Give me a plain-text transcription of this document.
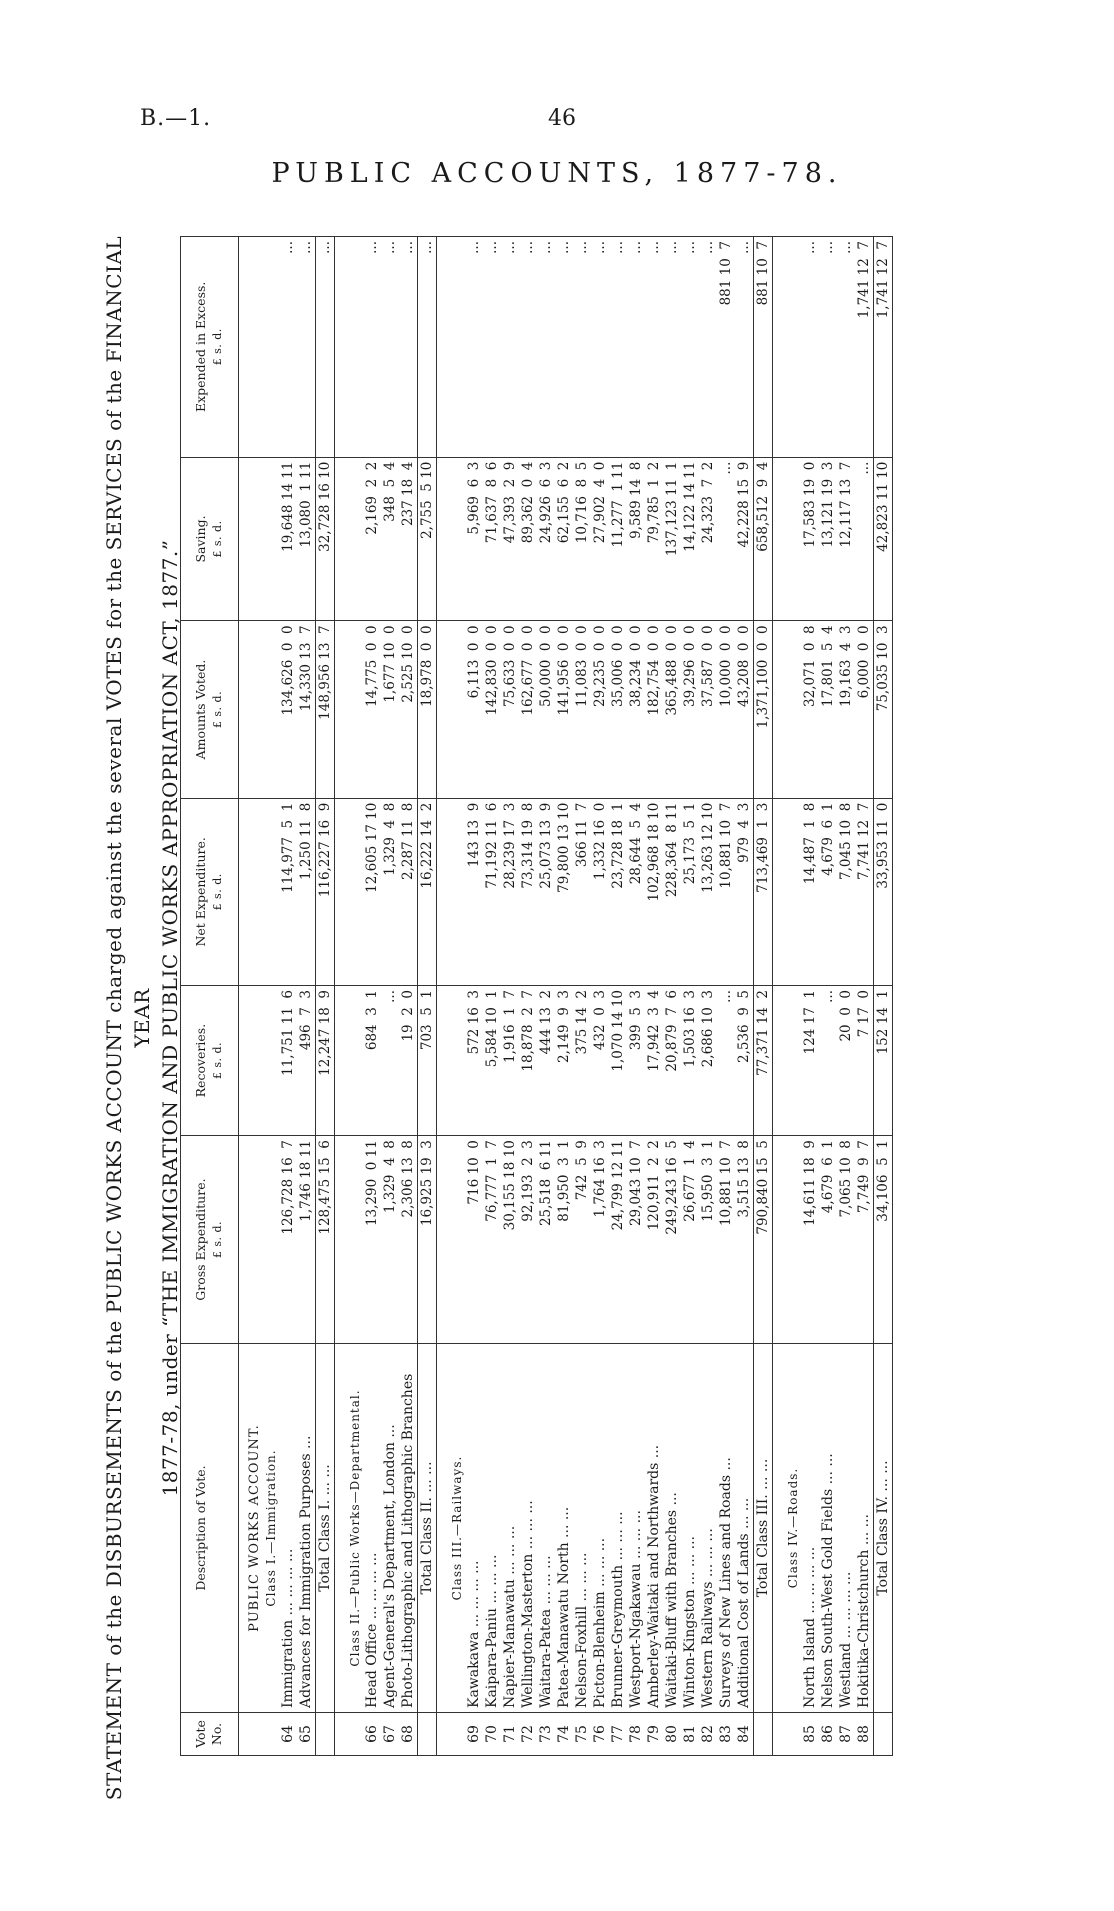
B.—1.	46
PUBLIC ACCOUNTS, 1877-78.
STATEMENT of the DISBURSEMENTS of the PUBLIC WORKS ACCOUNT charged against the several VOTES for the SERVICES of the FINANCIAL YEAR 1877-78, under “THE IMMIGRATION AND PUBLIC WORKS APPROPRIATION ACT, 1877.”
Vote No.	Description of Vote.	Gross Expenditure. £ s. d.	Recoveries. £ s. d.	Net Expenditure. £ s. d.	Amounts Voted. £ s. d.	Saving. £ s. d.	Expended in Excess. £ s. d.
	PUBLIC WORKS ACCOUNT.						
	Class I.—Immigration.						
64	Immigration ... ... ... ...	126,728 16  7	11,751 11  6	114,977  5  1	134,626  0  0	19,648 14 11	...
65	Advances for Immigration Purposes ...	1,746 18 11	496  7  3	1,250 11  8	14,330 13  7	13,080  1 11	...
	Total Class I. ... ...	128,475 15  6	12,247 18  9	116,227 16  9	148,956 13  7	32,728 16 10	...

	Class II.—Public Works—Departmental.						
66	Head Office ... ... ... ...	13,290  0 11	684  3  1	12,605 17 10	14,775  0  0	2,169  2  2	...
67	Agent-General's Department, London ...	1,329  4  8	...	1,329  4  8	1,677 10  0	348  5  4	...
68	Photo-Lithographic and Lithographic Branches	2,306 13  8	19  2  0	2,287 11  8	2,525 10  0	237 18  4	...
	Total Class II. ... ...	16,925 19  3	703  5  1	16,222 14  2	18,978  0  0	2,755  5 10	...

	Class III.—Railways.						
69	Kawakawa ... ... ... ...	716 10  0	572 16  3	143 13  9	6,113  0  0	5,969  6  3	...
70	Kaipara-Paniu ... ... ...	76,777  1  7	5,584 10  1	71,192 11  6	142,830  0  0	71,637  8  6	...
71	Napier-Manawatu ... ... ...	30,155 18 10	1,916  1  7	28,239 17  3	75,633  0  0	47,393  2  9	...
72	Wellington-Masterton ... ... ...	92,193  2  3	18,878  2  7	73,314 19  8	162,677  0  0	89,362  0  4	...
73	Waitara-Patea ... ... ...	25,518  6 11	444 13  2	25,073 13  9	50,000  0  0	24,926  6  3	...
74	Patea-Manawatu North ... ...	81,950  3  1	2,149  9  3	79,800 13 10	141,956  0  0	62,155  6  2	...
75	Nelson-Foxhill ... ... ...	742  5  9	375 14  2	366 11  7	11,083  0  0	10,716  8  5	...
76	Picton-Blenheim ... ... ...	1,764 16  3	432  0  3	1,332 16  0	29,235  0  0	27,902  4  0	...
77	Brunner-Greymouth ... ... ...	24,799 12 11	1,070 14 10	23,728 18  1	35,006  0  0	11,277  1 11	...
78	Westport-Ngakawau ... ... ...	29,043 10  7	399  5  3	28,644  5  4	38,234  0  0	9,589 14  8	...
79	Amberley-Waitaki and Northwards ...	120,911  2  2	17,942  3  4	102,968 18 10	182,754  0  0	79,785  1  2	...
80	Waitaki-Bluff with Branches ...	249,243 16  5	20,879  7  6	228,364  8 11	365,488  0  0	137,123 11  1	...
81	Winton-Kingston ... ... ...	26,677  1  4	1,503 16  3	25,173  5  1	39,296  0  0	14,122 14 11	...
82	Western Railways ... ... ...	15,950  3  1	2,686 10  3	13,263 12 10	37,587  0  0	24,323  7  2	...
83	Surveys of New Lines and Roads ...	10,881 10  7	...	10,881 10  7	10,000  0  0	...	881 10  7
84	Additional Cost of Lands ... ...	3,515 13  8	2,536  9  5	979  4  3	43,208  0  0	42,228 15  9	...
	Total Class III. ... ...	790,840 15  5	77,371 14  2	713,469  1  3	1,371,100  0  0	658,512  9  4	881 10  7

	Class IV.—Roads.						
85	North Island ... ... ... ...	14,611 18  9	124 17  1	14,487  1  8	32,071  0  8	17,583 19  0	...
86	Nelson South-West Gold Fields ... ...	4,679  6  1	...	4,679  6  1	17,801  5  4	13,121 19  3	...
87	Westland ... ... ... ...	7,065 10  8	20  0  0	7,045 10  8	19,163  4  3	12,117 13  7	...
88	Hokitika-Christchurch ... ...	7,749  9  7	7 17  0	7,741 12  7	6,000  0  0	...	1,741 12  7
	Total Class IV. ... ...	34,106  5  1	152 14  1	33,953 11  0	75,035 10  3	42,823 11 10	1,741 12  7
